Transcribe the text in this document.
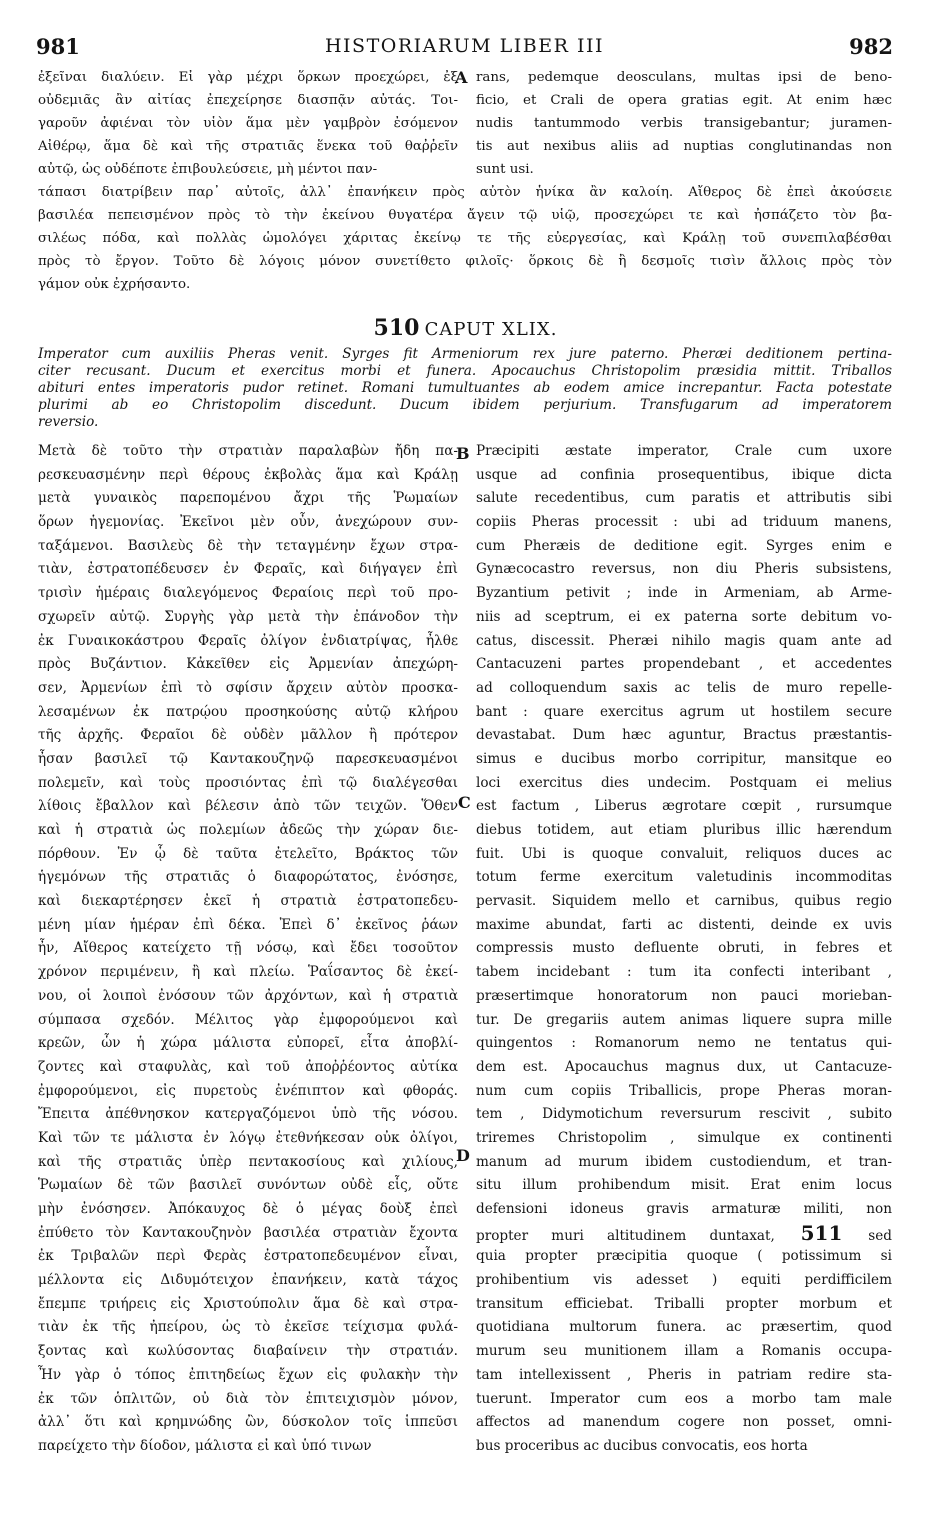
981	HISTORIARUM LIBER III	982
ἐξεῖναι διαλύειν. Εἰ γὰρ μέχρι ὅρκων προεχώρει, ἐξ
οὐδεμιᾶς ἂν αἰτίας ἐπεχείρησε διασπᾷν αὐτάς. Τοι-
γαροῦν ἀφιέναι τὸν υἱὸν ἅμα μὲν γαμβρὸν ἐσόμενον
Αἰθέρῳ, ἅμα δὲ καὶ τῆς στρατιᾶς ἕνεκα τοῦ θαῤῥεῖν
αὐτῷ, ὡς οὐδέποτε ἐπιβουλεύσειε, μὴ μέντοι παν-
rans, pedemque deosculans, multas ipsi de beno-
ficio, et Crali de opera gratias egit. At enim hæc
nudis tantummodo verbis transigebantur; juramen-
tis aut nexibus aliis ad nuptias conglutinandas non
sunt usi.
τάπασι διατρίβειν παρ᾽ αὐτοῖς, ἀλλ᾽ ἐπανήκειν πρὸς αὐτὸν ἡνίκα ἂν καλοίη. Αἴθερος δὲ ἐπεὶ ἀκούσειε
βασιλέα πεπεισμένον πρὸς τὸ τὴν ἐκείνου θυγατέρα ἄγειν τῷ υἱῷ, προσεχώρει τε καὶ ἠσπάζετο τὸν βα-
σιλέως πόδα, καὶ πολλὰς ὡμολόγει χάριτας ἐκείνῳ τε τῆς εὐεργεσίας, καὶ Κράλῃ τοῦ συνεπιλαβέσθαι
πρὸς τὸ ἔργον. Τοῦτο δὲ λόγοις μόνον συνετίθετο φιλοῖς· ὅρκοις δὲ ἢ δεσμοῖς τισὶν ἄλλοις πρὸς τὸν
γάμον οὐκ ἐχρήσαντο.
A
510 CAPUT XLIX.
Imperator cum auxiliis Pheras venit. Syrges fit Armeniorum rex jure paterno. Pheræi deditionem pertina-
citer recusant. Ducum et exercitus morbi et funera. Apocauchus Christopolim præsidia mittit. Triballos
abituri entes imperatoris pudor retinet. Romani tumultuantes ab eodem amice increpantur. Facta potestate
plurimi ab eo Christopolim discedunt. Ducum ibidem perjurium. Transfugarum ad imperatorem
reversio.
B
C
D
Μετὰ δὲ τοῦτο τὴν στρατιὰν παραλαβὼν ἤδη πα-
ρεσκευασμένην περὶ θέρους ἐκβολὰς ἅμα καὶ Κράλῃ
μετὰ γυναικὸς παρεπομένου ἄχρι τῆς Ῥωμαίων
ὅρων ἡγεμονίας. Ἐκεῖνοι μὲν οὖν, ἀνεχώρουν συν-
ταξάμενοι. Βασιλεὺς δὲ τὴν τεταγμένην ἔχων στρα-
τιὰν, ἐστρατοπέδευσεν ἐν Φεραῖς, καὶ διήγαγεν ἐπὶ
τρισὶν ἡμέραις διαλεγόμενος Φεραίοις περὶ τοῦ προ-
σχωρεῖν αὐτῷ. Συργὴς γὰρ μετὰ τὴν ἐπάνοδον τὴν
ἐκ Γυναικοκάστρου Φεραῖς ὀλίγον ἐνδιατρίψας, ἦλθε
πρὸς Βυζάντιον. Κἀκεῖθεν εἰς Ἀρμενίαν ἀπεχώρη-
σεν, Ἀρμενίων ἐπὶ τὸ σφίσιν ἄρχειν αὐτὸν προσκα-
λεσαμένων ἐκ πατρῴου προσηκούσης αὐτῷ κλήρου
τῆς ἀρχῆς. Φεραῖοι δὲ οὐδὲν μᾶλλον ἢ πρότερον
ἦσαν βασιλεῖ τῷ Καντακουζηνῷ παρεσκευασμένοι
πολεμεῖν, καὶ τοὺς προσιόντας ἐπὶ τῷ διαλέγεσθαι
λίθοις ἔβαλλον καὶ βέλεσιν ἀπὸ τῶν τειχῶν. Ὅθεν
καὶ ἡ στρατιὰ ὡς πολεμίων ἀδεῶς τὴν χώραν διε-
πόρθουν. Ἐν ᾧ δὲ ταῦτα ἐτελεῖτο, Βράκτος τῶν
ἡγεμόνων τῆς στρατιᾶς ὁ διαφορώτατος, ἐνόσησε,
καὶ διεκαρτέρησεν ἐκεῖ ἡ στρατιὰ ἐστρατοπεδευ-
μένη μίαν ἡμέραν ἐπὶ δέκα. Ἐπεὶ δ᾽ ἐκεῖνος ῥάων
ἦν, Αἴθερος κατείχετο τῇ νόσῳ, καὶ ἔδει τοσοῦτον
χρόνον περιμένειν, ἢ καὶ πλείω. Ῥαΐσαντος δὲ ἐκεί-
νου, οἱ λοιποὶ ἐνόσουν τῶν ἀρχόντων, καὶ ἡ στρατιὰ
σύμπασα σχεδόν. Μέλιτος γὰρ ἐμφορούμενοι καὶ
κρεῶν, ὧν ἡ χώρα μάλιστα εὐπορεῖ, εἶτα ἀποβλί-
ζοντες καὶ σταφυλὰς, καὶ τοῦ ἀποῤῥέοντος αὐτίκα
ἐμφορούμενοι, εἰς πυρετοὺς ἐνέπιπτον καὶ φθοράς.
Ἔπειτα ἀπέθνησκον κατεργαζόμενοι ὑπὸ τῆς νόσου.
Καὶ τῶν τε μάλιστα ἐν λόγῳ ἐτεθνήκεσαν οὐκ ὀλίγοι,
καὶ τῆς στρατιᾶς ὑπὲρ πεντακοσίους καὶ χιλίους,
Ῥωμαίων δὲ τῶν βασιλεῖ συνόντων οὐδὲ εἷς, οὔτε
μὴν ἐνόσησεν. Ἀπόκαυχος δὲ ὁ μέγας δοὺξ ἐπεὶ
ἐπύθετο τὸν Καντακουζηνὸν βασιλέα στρατιὰν ἔχοντα
ἐκ Τριβαλῶν περὶ Φερὰς ἐστρατοπεδευμένον εἶναι,
μέλλοντα εἰς Διδυμότειχον ἐπανήκειν, κατὰ τάχος
ἔπεμπε τριήρεις εἰς Χριστούπολιν ἅμα δὲ καὶ στρα-
τιὰν ἐκ τῆς ἠπείρου, ὡς τὸ ἐκεῖσε τείχισμα φυλά-
ξοντας καὶ κωλύσοντας διαβαίνειν τὴν στρατιάν.
Ἦν γὰρ ὁ τόπος ἐπιτηδείως ἔχων εἰς φυλακὴν τὴν
ἐκ τῶν ὁπλιτῶν, οὐ διὰ τὸν ἐπιτειχισμὸν μόνον,
ἀλλ᾽ ὅτι καὶ κρημνώδης ὢν, δύσκολον τοῖς ἱππεῦσι
παρείχετο τὴν δίοδον, μάλιστα εἰ καὶ ὑπό τινων
Præcipiti æstate imperator, Crale cum uxore
usque ad confinia prosequentibus, ibique dicta
salute recedentibus, cum paratis et attributis sibi
copiis Pheras processit : ubi ad triduum manens,
cum Pheræis de deditione egit. Syrges enim e
Gynæcocastro reversus, non diu Pheris subsistens,
Byzantium petivit ; inde in Armeniam, ab Arme-
niis ad sceptrum, ei ex paterna sorte debitum vo-
catus, discessit. Pheræi nihilo magis quam ante ad
Cantacuzeni partes propendebant , et accedentes
ad colloquendum saxis ac telis de muro repelle-
bant : quare exercitus agrum ut hostilem secure
devastabat. Dum hæc aguntur, Bractus præstantis-
simus e ducibus morbo corripitur, mansitque eo
loci exercitus dies undecim. Postquam ei melius
est factum , Liberus ægrotare cœpit , rursumque
diebus totidem, aut etiam pluribus illic hærendum
fuit. Ubi is quoque convaluit, reliquos duces ac
totum ferme exercitum valetudinis incommoditas
pervasit. Siquidem mello et carnibus, quibus regio
maxime abundat, farti ac distenti, deinde ex uvis
compressis musto defluente obruti, in febres et
tabem incidebant : tum ita confecti interibant ,
præsertimque honoratorum non pauci morieban-
tur. De gregariis autem animas liquere supra mille
quingentos : Romanorum nemo ne tentatus qui-
dem est. Apocauchus magnus dux, ut Cantacuze-
num cum copiis Triballicis, prope Pheras moran-
tem , Didymotichum reversurum rescivit , subito
triremes Christopolim , simulque ex continenti
manum ad murum ibidem custodiendum, et tran-
situ illum prohibendum misit. Erat enim locus
defensioni idoneus gravis armaturæ militi, non
propter muri altitudinem duntaxat, 511 sed
quia propter præcipitia quoque ( potissimum si
prohibentium vis adesset ) equiti perdifficilem
transitum efficiebat. Triballi propter morbum et
quotidiana multorum funera. ac præsertim, quod
murum seu munitionem illam a Romanis occupa-
tam intellexissent , Pheris in patriam redire sta-
tuerunt. Imperator cum eos a morbo tam male
affectos ad manendum cogere non posset, omni-
bus proceribus ac ducibus convocatis, eos horta
